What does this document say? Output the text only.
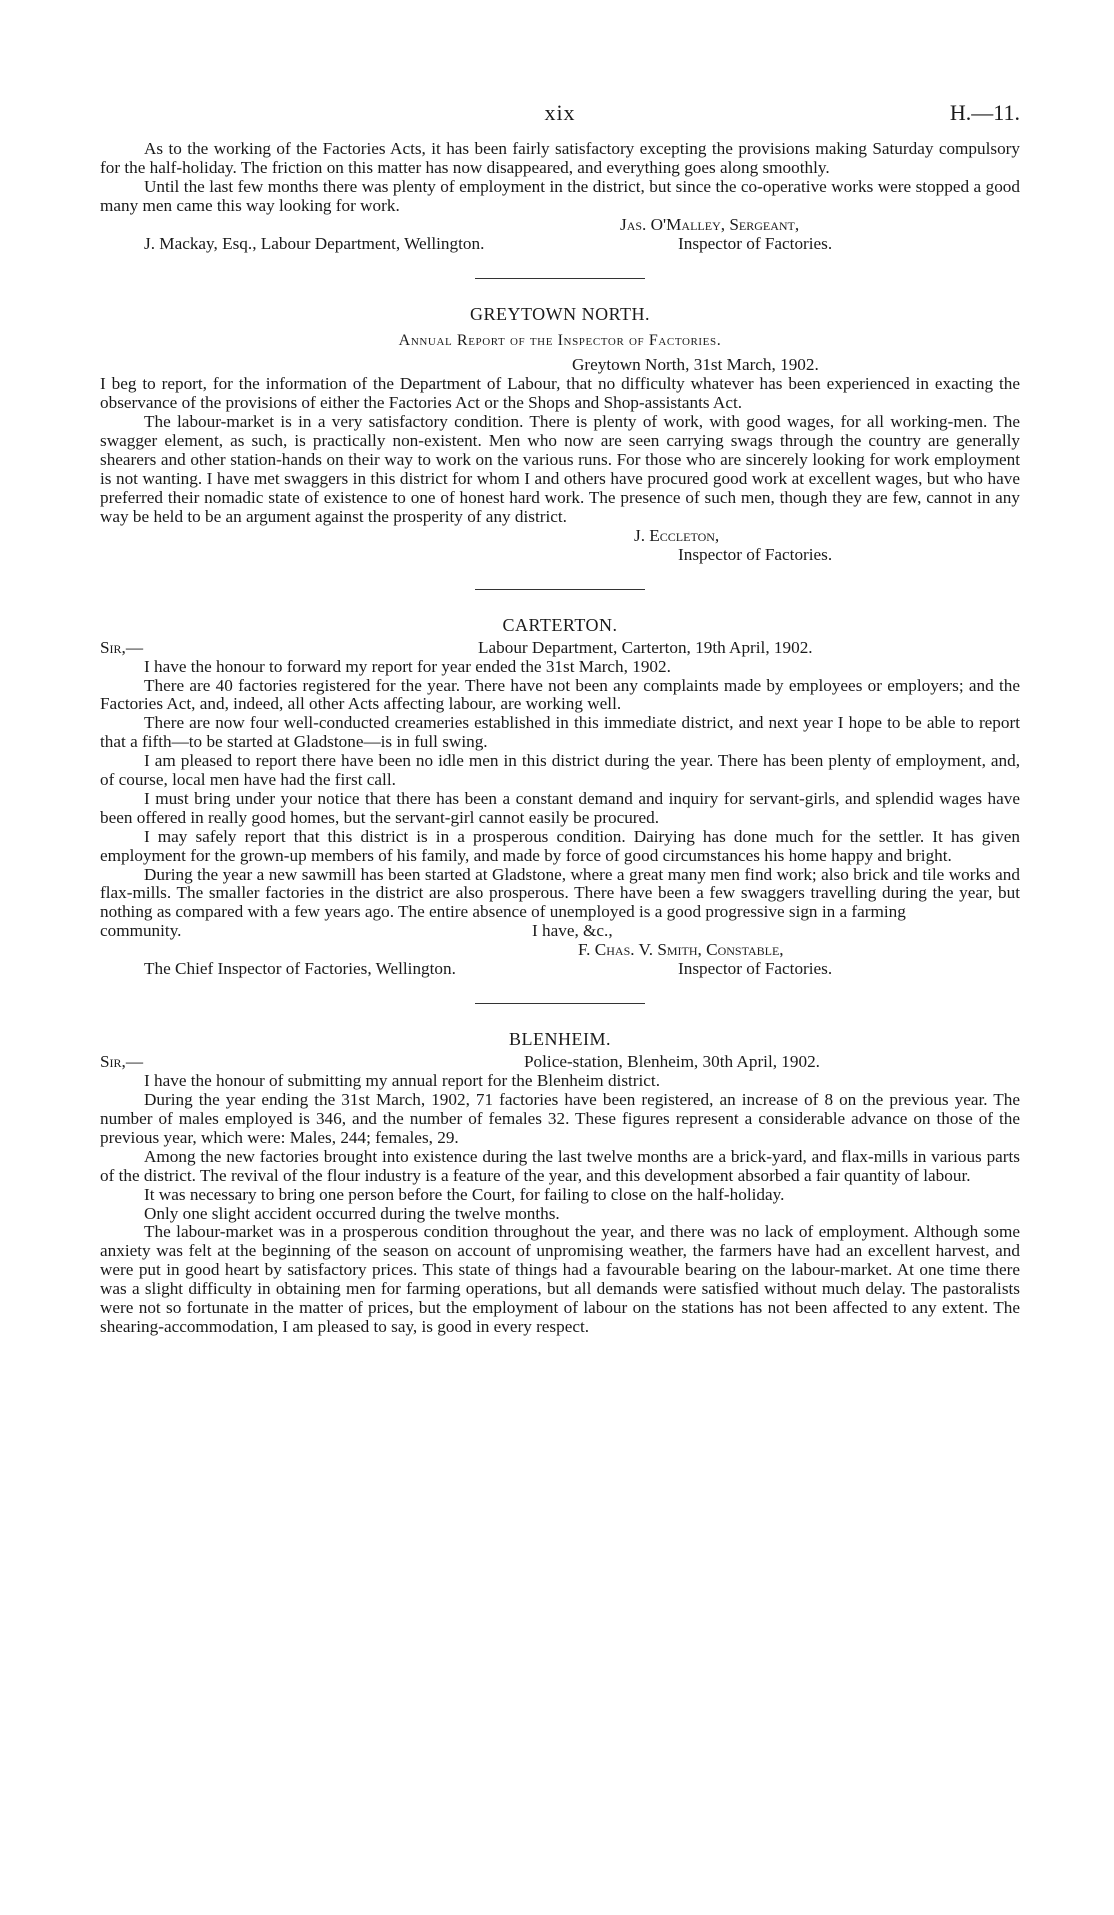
xix	H.—11.

As to the working of the Factories Acts, it has been fairly satisfactory excepting the provisions making Saturday compulsory for the half-holiday. The friction on this matter has now disappeared, and everything goes along smoothly.

Until the last few months there was plenty of employment in the district, but since the co-operative works were stopped a good many men came this way looking for work.

Jas. O'Malley, Sergeant,
J. Mackay, Esq., Labour Department, Wellington.	Inspector of Factories.
GREYTOWN NORTH.
Annual Report of the Inspector of Factories.
Greytown North, 31st March, 1902.

I beg to report, for the information of the Department of Labour, that no difficulty whatever has been experienced in exacting the observance of the provisions of either the Factories Act or the Shops and Shop-assistants Act.

The labour-market is in a very satisfactory condition. There is plenty of work, with good wages, for all working-men. The swagger element, as such, is practically non-existent. Men who now are seen carrying swags through the country are generally shearers and other station-hands on their way to work on the various runs. For those who are sincerely looking for work employment is not wanting. I have met swaggers in this district for whom I and others have procured good work at excellent wages, but who have preferred their nomadic state of existence to one of honest hard work. The presence of such men, though they are few, cannot in any way be held to be an argument against the prosperity of any district.

J. Eccleton,
Inspector of Factories.
CARTERTON.
Sir,—	Labour Department, Carterton, 19th April, 1902.

I have the honour to forward my report for year ended the 31st March, 1902.

There are 40 factories registered for the year. There have not been any complaints made by employees or employers; and the Factories Act, and, indeed, all other Acts affecting labour, are working well.

There are now four well-conducted creameries established in this immediate district, and next year I hope to be able to report that a fifth—to be started at Gladstone—is in full swing.

I am pleased to report there have been no idle men in this district during the year. There has been plenty of employment, and, of course, local men have had the first call.

I must bring under your notice that there has been a constant demand and inquiry for servant-girls, and splendid wages have been offered in really good homes, but the servant-girl cannot easily be procured.

I may safely report that this district is in a prosperous condition. Dairying has done much for the settler. It has given employment for the grown-up members of his family, and made by force of good circumstances his home happy and bright.

During the year a new sawmill has been started at Gladstone, where a great many men find work; also brick and tile works and flax-mills. The smaller factories in the district are also prosperous. There have been a few swaggers travelling during the year, but nothing as compared with a few years ago. The entire absence of unemployed is a good progressive sign in a farming

community.	I have, &c.,
F. Chas. V. Smith, Constable,
The Chief Inspector of Factories, Wellington.	Inspector of Factories.
BLENHEIM.
Sir,—	Police-station, Blenheim, 30th April, 1902.

I have the honour of submitting my annual report for the Blenheim district.

During the year ending the 31st March, 1902, 71 factories have been registered, an increase of 8 on the previous year. The number of males employed is 346, and the number of females 32. These figures represent a considerable advance on those of the previous year, which were: Males, 244; females, 29.

Among the new factories brought into existence during the last twelve months are a brick-yard, and flax-mills in various parts of the district. The revival of the flour industry is a feature of the year, and this development absorbed a fair quantity of labour.

It was necessary to bring one person before the Court, for failing to close on the half-holiday.

Only one slight accident occurred during the twelve months.

The labour-market was in a prosperous condition throughout the year, and there was no lack of employment. Although some anxiety was felt at the beginning of the season on account of unpromising weather, the farmers have had an excellent harvest, and were put in good heart by satisfactory prices. This state of things had a favourable bearing on the labour-market. At one time there was a slight difficulty in obtaining men for farming operations, but all demands were satisfied without much delay. The pastoralists were not so fortunate in the matter of prices, but the employment of labour on the stations has not been affected to any extent. The shearing-accommodation, I am pleased to say, is good in every respect.
